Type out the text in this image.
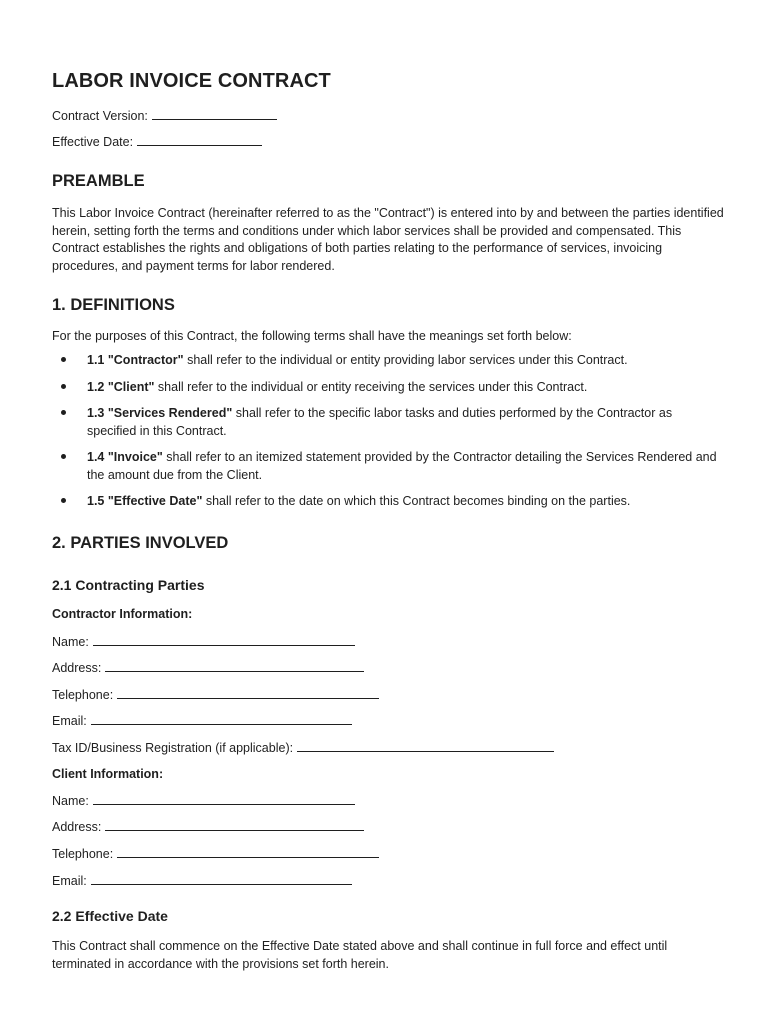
LABOR INVOICE CONTRACT
Contract Version:
Effective Date:
PREAMBLE

This Labor Invoice Contract (hereinafter referred to as the "Contract") is entered into by and between the parties identified herein, setting forth the terms and conditions under which labor services shall be provided and compensated. This Contract establishes the rights and obligations of both parties relating to the performance of services, invoicing procedures, and payment terms for labor rendered.

1. DEFINITIONS
For the purposes of this Contract, the following terms shall have the meanings set forth below:
1.1 "Contractor" shall refer to the individual or entity providing labor services under this Contract.
1.2 "Client" shall refer to the individual or entity receiving the services under this Contract.
1.3 "Services Rendered" shall refer to the specific labor tasks and duties performed by the Contractor as specified in this Contract.
1.4 "Invoice" shall refer to an itemized statement provided by the Contractor detailing the Services Rendered and the amount due from the Client.
1.5 "Effective Date" shall refer to the date on which this Contract becomes binding on the parties.
2. PARTIES INVOLVED
2.1 Contracting Parties
Contractor Information:
Name:
Address:
Telephone:
Email:
Tax ID/Business Registration (if applicable):
Client Information:
Name:
Address:
Telephone:
Email:
2.2 Effective Date

This Contract shall commence on the Effective Date stated above and shall continue in full force and effect until terminated in accordance with the provisions set forth herein.
